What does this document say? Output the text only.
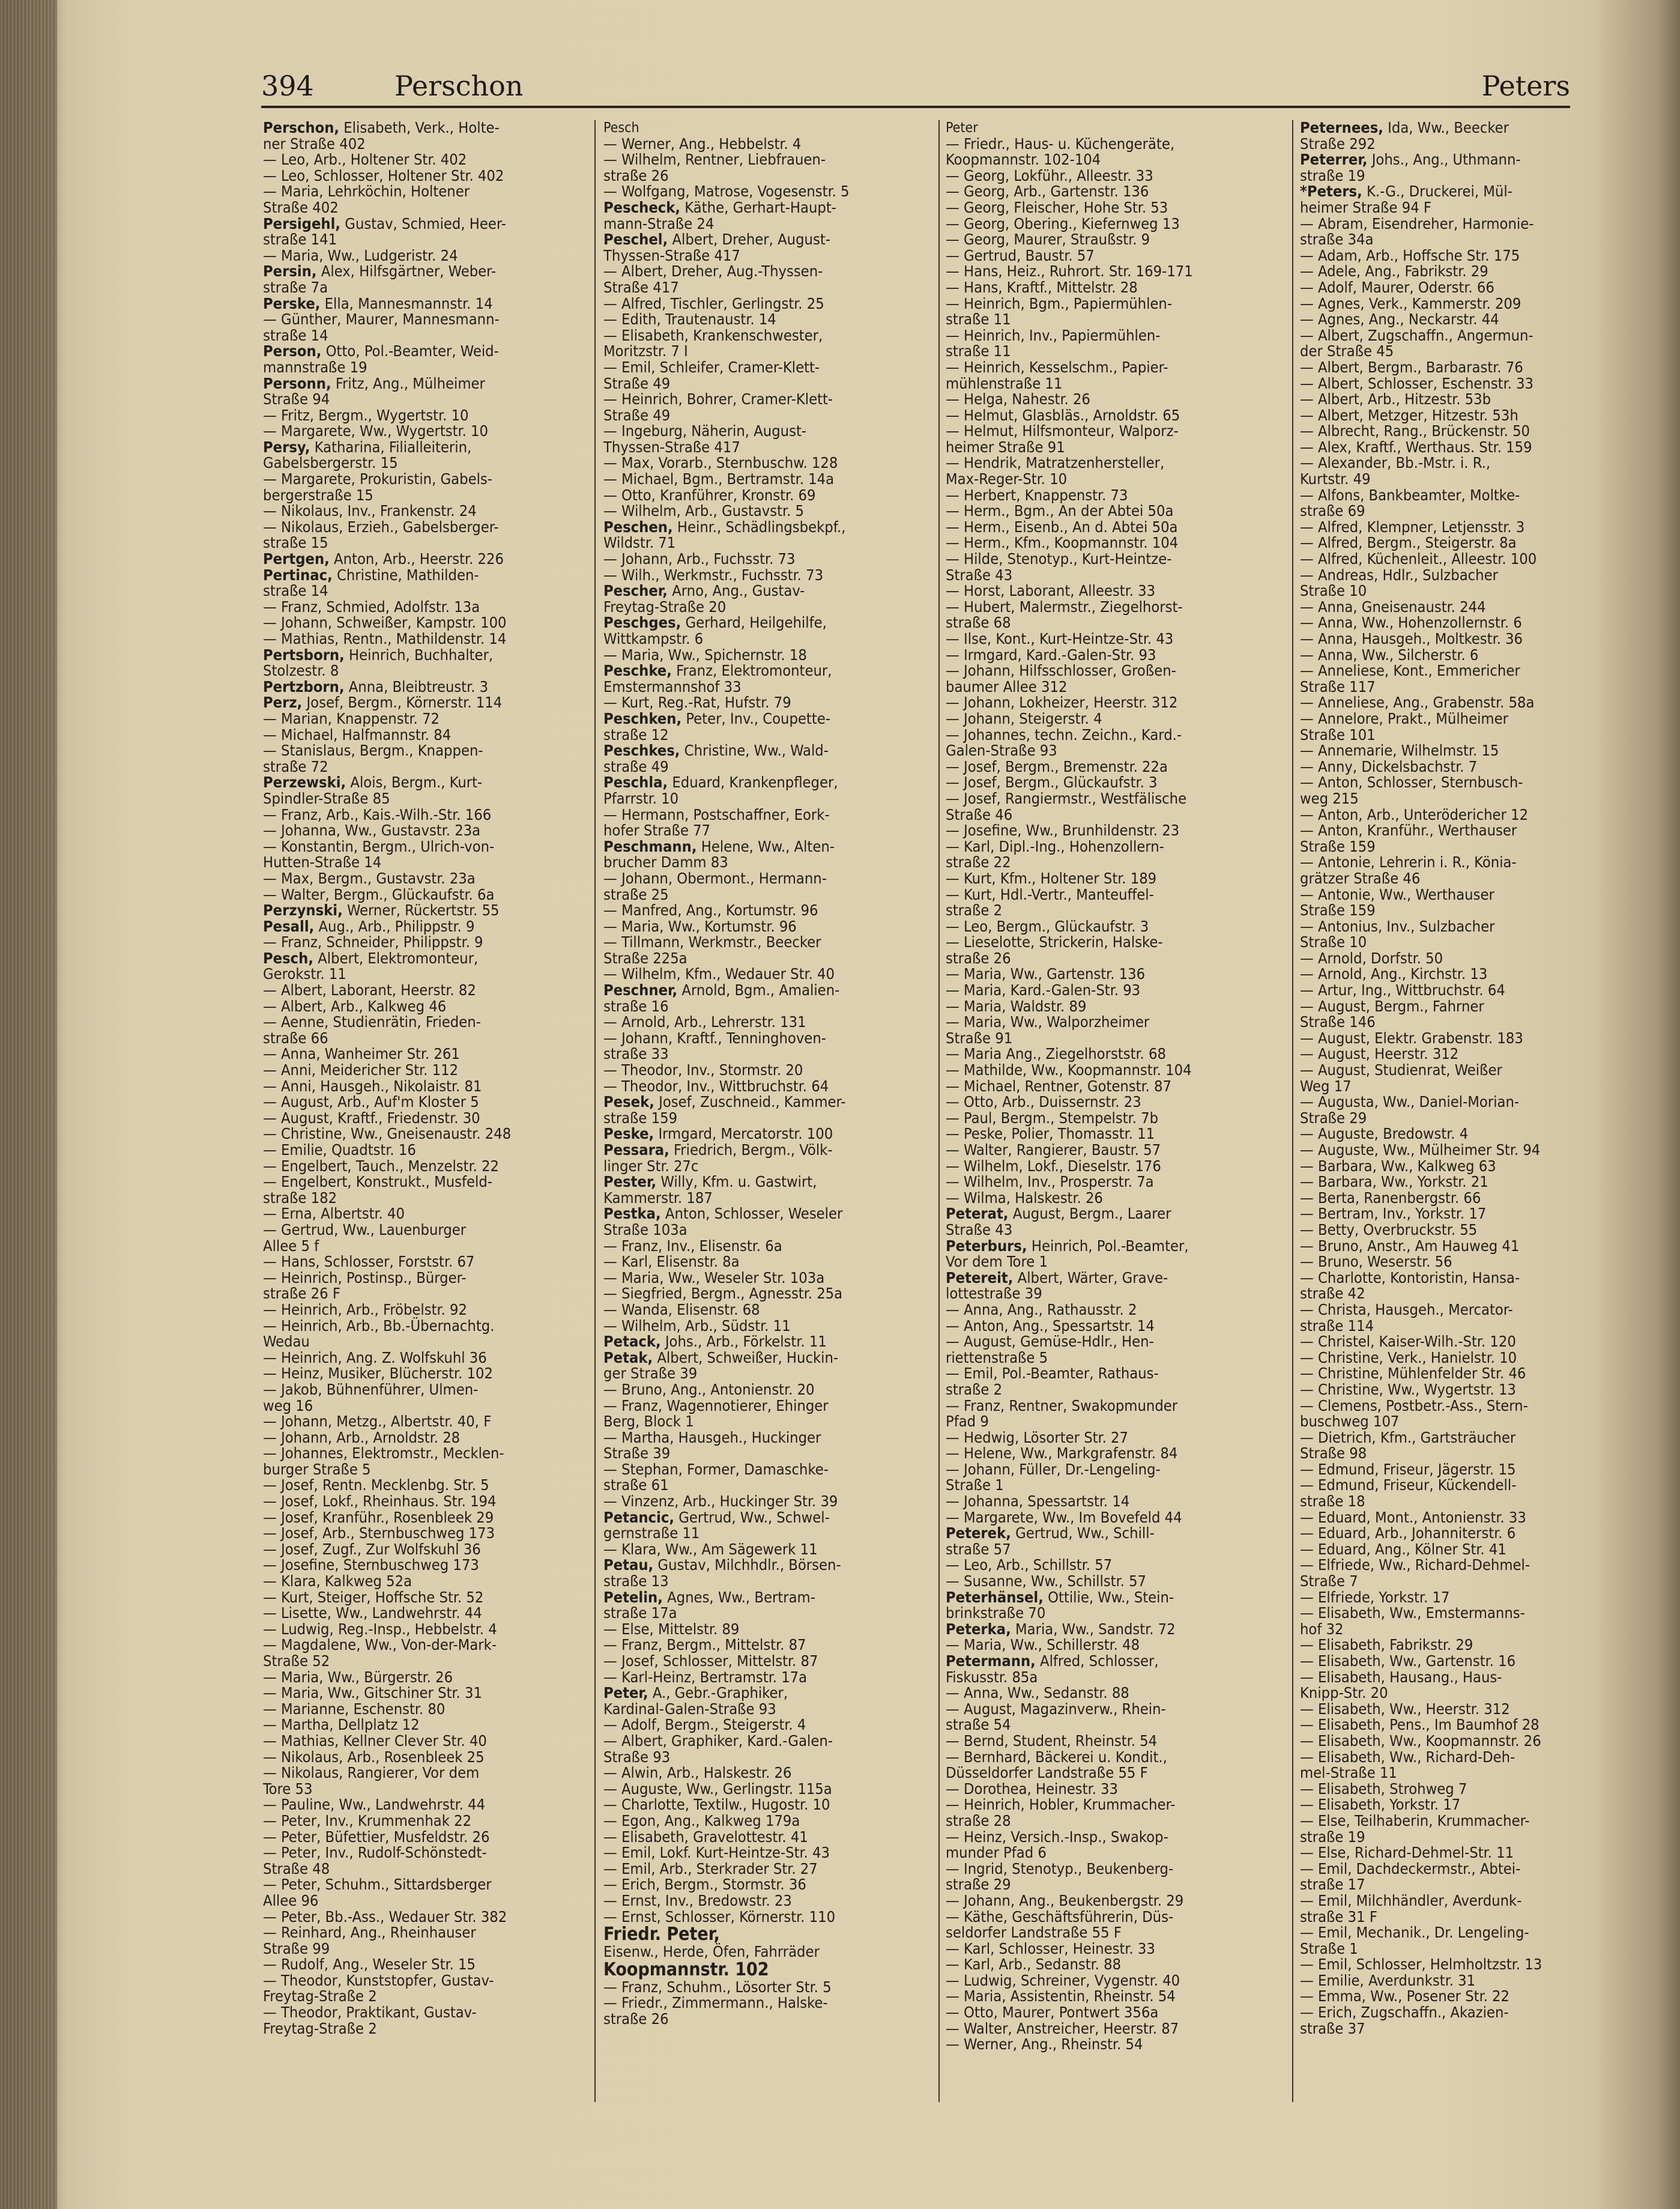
394	Perschon	Peters
Perschon, Elisabeth, Verk., Holte-
ner Straße 402
— Leo, Arb., Holtener Str. 402
— Leo, Schlosser, Holtener Str. 402
— Maria, Lehrköchin, Holtener
Straße 402
Persigehl, Gustav, Schmied, Heer-
straße 141
— Maria, Ww., Ludgeristr. 24
Persin, Alex, Hilfsgärtner, Weber-
straße 7a
Perske, Ella, Mannesmannstr. 14
— Günther, Maurer, Mannesmann-
straße 14
Person, Otto, Pol.-Beamter, Weid-
mannstraße 19
Personn, Fritz, Ang., Mülheimer
Straße 94
— Fritz, Bergm., Wygertstr. 10
— Margarete, Ww., Wygertstr. 10
Persy, Katharina, Filialleiterin,
Gabelsbergerstr. 15
— Margarete, Prokuristin, Gabels-
bergerstraße 15
— Nikolaus, Inv., Frankenstr. 24
— Nikolaus, Erzieh., Gabelsberger-
straße 15
Pertgen, Anton, Arb., Heerstr. 226
Pertinac, Christine, Mathilden-
straße 14
— Franz, Schmied, Adolfstr. 13a
— Johann, Schweißer, Kampstr. 100
— Mathias, Rentn., Mathildenstr. 14
Pertsborn, Heinrich, Buchhalter,
Stolzestr. 8
Pertzborn, Anna, Bleibtreustr. 3
Perz, Josef, Bergm., Körnerstr. 114
— Marian, Knappenstr. 72
— Michael, Halfmannstr. 84
— Stanislaus, Bergm., Knappen-
straße 72
Perzewski, Alois, Bergm., Kurt-
Spindler-Straße 85
— Franz, Arb., Kais.-Wilh.-Str. 166
— Johanna, Ww., Gustavstr. 23a
— Konstantin, Bergm., Ulrich-von-
Hutten-Straße 14
— Max, Bergm., Gustavstr. 23a
— Walter, Bergm., Glückaufstr. 6a
Perzynski, Werner, Rückertstr. 55
Pesall, Aug., Arb., Philippstr. 9
— Franz, Schneider, Philippstr. 9
Pesch, Albert, Elektromonteur,
Gerokstr. 11
— Albert, Laborant, Heerstr. 82
— Albert, Arb., Kalkweg 46
— Aenne, Studienrätin, Frieden-
straße 66
— Anna, Wanheimer Str. 261
— Anni, Meidericher Str. 112
— Anni, Hausgeh., Nikolaistr. 81
— August, Arb., Auf'm Kloster 5
— August, Kraftf., Friedenstr. 30
— Christine, Ww., Gneisenaustr. 248
— Emilie, Quadtstr. 16
— Engelbert, Tauch., Menzelstr. 22
— Engelbert, Konstrukt., Musfeld-
straße 182
— Erna, Albertstr. 40
— Gertrud, Ww., Lauenburger
Allee 5 f
— Hans, Schlosser, Forststr. 67
— Heinrich, Postinsp., Bürger-
straße 26 F
— Heinrich, Arb., Fröbelstr. 92
— Heinrich, Arb., Bb.-Übernachtg.
Wedau
— Heinrich, Ang. Z. Wolfskuhl 36
— Heinz, Musiker, Blücherstr. 102
— Jakob, Bühnenführer, Ulmen-
weg 16
— Johann, Metzg., Albertstr. 40, F
— Johann, Arb., Arnoldstr. 28
— Johannes, Elektromstr., Mecklen-
burger Straße 5
— Josef, Rentn. Mecklenbg. Str. 5
— Josef, Lokf., Rheinhaus. Str. 194
— Josef, Kranführ., Rosenbleek 29
— Josef, Arb., Sternbuschweg 173
— Josef, Zugf., Zur Wolfskuhl 36
— Josefine, Sternbuschweg 173
— Klara, Kalkweg 52a
— Kurt, Steiger, Hoffsche Str. 52
— Lisette, Ww., Landwehrstr. 44
— Ludwig, Reg.-Insp., Hebbelstr. 4
— Magdalene, Ww., Von-der-Mark-
Straße 52
— Maria, Ww., Bürgerstr. 26
— Maria, Ww., Gitschiner Str. 31
— Marianne, Eschenstr. 80
— Martha, Dellplatz 12
— Mathias, Kellner Clever Str. 40
— Nikolaus, Arb., Rosenbleek 25
— Nikolaus, Rangierer, Vor dem
Tore 53
— Pauline, Ww., Landwehrstr. 44
— Peter, Inv., Krummenhak 22
— Peter, Büfettier, Musfeldstr. 26
— Peter, Inv., Rudolf-Schönstedt-
Straße 48
— Peter, Schuhm., Sittardsberger
Allee 96
— Peter, Bb.-Ass., Wedauer Str. 382
— Reinhard, Ang., Rheinhauser
Straße 99
— Rudolf, Ang., Weseler Str. 15
— Theodor, Kunststopfer, Gustav-
Freytag-Straße 2
— Theodor, Praktikant, Gustav-
Freytag-Straße 2
Pesch
— Werner, Ang., Hebbelstr. 4
— Wilhelm, Rentner, Liebfrauen-
straße 26
— Wolfgang, Matrose, Vogesenstr. 5
Pescheck, Käthe, Gerhart-Haupt-
mann-Straße 24
Peschel, Albert, Dreher, August-
Thyssen-Straße 417
— Albert, Dreher, Aug.-Thyssen-
Straße 417
— Alfred, Tischler, Gerlingstr. 25
— Edith, Trautenaustr. 14
— Elisabeth, Krankenschwester,
Moritzstr. 7 I
— Emil, Schleifer, Cramer-Klett-
Straße 49
— Heinrich, Bohrer, Cramer-Klett-
Straße 49
— Ingeburg, Näherin, August-
Thyssen-Straße 417
— Max, Vorarb., Sternbuschw. 128
— Michael, Bgm., Bertramstr. 14a
— Otto, Kranführer, Kronstr. 69
— Wilhelm, Arb., Gustavstr. 5
Peschen, Heinr., Schädlingsbekpf.,
Wildstr. 71
— Johann, Arb., Fuchsstr. 73
— Wilh., Werkmstr., Fuchsstr. 73
Pescher, Arno, Ang., Gustav-
Freytag-Straße 20
Peschges, Gerhard, Heilgehilfe,
Wittkampstr. 6
— Maria, Ww., Spichernstr. 18
Peschke, Franz, Elektromonteur,
Emstermannshof 33
— Kurt, Reg.-Rat, Hufstr. 79
Peschken, Peter, Inv., Coupette-
straße 12
Peschkes, Christine, Ww., Wald-
straße 49
Peschla, Eduard, Krankenpfleger,
Pfarrstr. 10
— Hermann, Postschaffner, Eork-
hofer Straße 77
Peschmann, Helene, Ww., Alten-
brucher Damm 83
— Johann, Obermont., Hermann-
straße 25
— Manfred, Ang., Kortumstr. 96
— Maria, Ww., Kortumstr. 96
— Tillmann, Werkmstr., Beecker
Straße 225a
— Wilhelm, Kfm., Wedauer Str. 40
Peschner, Arnold, Bgm., Amalien-
straße 16
— Arnold, Arb., Lehrerstr. 131
— Johann, Kraftf., Tenninghoven-
straße 33
— Theodor, Inv., Stormstr. 20
— Theodor, Inv., Wittbruchstr. 64
Pesek, Josef, Zuschneid., Kammer-
straße 159
Peske, Irmgard, Mercatorstr. 100
Pessara, Friedrich, Bergm., Völk-
linger Str. 27c
Pester, Willy, Kfm. u. Gastwirt,
Kammerstr. 187
Pestka, Anton, Schlosser, Weseler
Straße 103a
— Franz, Inv., Elisenstr. 6a
— Karl, Elisenstr. 8a
— Maria, Ww., Weseler Str. 103a
— Siegfried, Bergm., Agnesstr. 25a
— Wanda, Elisenstr. 68
— Wilhelm, Arb., Südstr. 11
Petack, Johs., Arb., Förkelstr. 11
Petak, Albert, Schweißer, Huckin-
ger Straße 39
— Bruno, Ang., Antonienstr. 20
— Franz, Wagennotierer, Ehinger
Berg, Block 1
— Martha, Hausgeh., Huckinger
Straße 39
— Stephan, Former, Damaschke-
straße 61
— Vinzenz, Arb., Huckinger Str. 39
Petancic, Gertrud, Ww., Schwel-
gernstraße 11
— Klara, Ww., Am Sägewerk 11
Petau, Gustav, Milchhdlr., Börsen-
straße 13
Petelin, Agnes, Ww., Bertram-
straße 17a
— Else, Mittelstr. 89
— Franz, Bergm., Mittelstr. 87
— Josef, Schlosser, Mittelstr. 87
— Karl-Heinz, Bertramstr. 17a
Peter, A., Gebr.-Graphiker,
Kardinal-Galen-Straße 93
— Adolf, Bergm., Steigerstr. 4
— Albert, Graphiker, Kard.-Galen-
Straße 93
— Alwin, Arb., Halskestr. 26
— Auguste, Ww., Gerlingstr. 115a
— Charlotte, Textilw., Hugostr. 10
— Egon, Ang., Kalkweg 179a
— Elisabeth, Gravelottestr. 41
— Emil, Lokf. Kurt-Heintze-Str. 43
— Emil, Arb., Sterkrader Str. 27
— Erich, Bergm., Stormstr. 36
— Ernst, Inv., Bredowstr. 23
— Ernst, Schlosser, Körnerstr. 110
Friedr. Peter,
Eisenw., Herde, Öfen, Fahrräder
Koopmannstr. 102
— Franz, Schuhm., Lösorter Str. 5
— Friedr., Zimmermann., Halske-
straße 26
Peter
— Friedr., Haus- u. Küchengeräte,
Koopmannstr. 102-104
— Georg, Lokführ., Alleestr. 33
— Georg, Arb., Gartenstr. 136
— Georg, Fleischer, Hohe Str. 53
— Georg, Obering., Kiefernweg 13
— Georg, Maurer, Straußstr. 9
— Gertrud, Baustr. 57
— Hans, Heiz., Ruhrort. Str. 169-171
— Hans, Kraftf., Mittelstr. 28
— Heinrich, Bgm., Papiermühlen-
straße 11
— Heinrich, Inv., Papiermühlen-
straße 11
— Heinrich, Kesselschm., Papier-
mühlenstraße 11
— Helga, Nahestr. 26
— Helmut, Glasbläs., Arnoldstr. 65
— Helmut, Hilfsmonteur, Walporz-
heimer Straße 91
— Hendrik, Matratzenhersteller,
Max-Reger-Str. 10
— Herbert, Knappenstr. 73
— Herm., Bgm., An der Abtei 50a
— Herm., Eisenb., An d. Abtei 50a
— Herm., Kfm., Koopmannstr. 104
— Hilde, Stenotyp., Kurt-Heintze-
Straße 43
— Horst, Laborant, Alleestr. 33
— Hubert, Malermstr., Ziegelhorst-
straße 68
— Ilse, Kont., Kurt-Heintze-Str. 43
— Irmgard, Kard.-Galen-Str. 93
— Johann, Hilfsschlosser, Großen-
baumer Allee 312
— Johann, Lokheizer, Heerstr. 312
— Johann, Steigerstr. 4
— Johannes, techn. Zeichn., Kard.-
Galen-Straße 93
— Josef, Bergm., Bremenstr. 22a
— Josef, Bergm., Glückaufstr. 3
— Josef, Rangiermstr., Westfälische
Straße 46
— Josefine, Ww., Brunhildenstr. 23
— Karl, Dipl.-Ing., Hohenzollern-
straße 22
— Kurt, Kfm., Holtener Str. 189
— Kurt, Hdl.-Vertr., Manteuffel-
straße 2
— Leo, Bergm., Glückaufstr. 3
— Lieselotte, Strickerin, Halske-
straße 26
— Maria, Ww., Gartenstr. 136
— Maria, Kard.-Galen-Str. 93
— Maria, Waldstr. 89
— Maria, Ww., Walporzheimer
Straße 91
— Maria Ang., Ziegelhorststr. 68
— Mathilde, Ww., Koopmannstr. 104
— Michael, Rentner, Gotenstr. 87
— Otto, Arb., Duissernstr. 23
— Paul, Bergm., Stempelstr. 7b
— Peske, Polier, Thomasstr. 11
— Walter, Rangierer, Baustr. 57
— Wilhelm, Lokf., Dieselstr. 176
— Wilhelm, Inv., Prosperstr. 7a
— Wilma, Halskestr. 26
Peterat, August, Bergm., Laarer
Straße 43
Peterburs, Heinrich, Pol.-Beamter,
Vor dem Tore 1
Petereit, Albert, Wärter, Grave-
lottestraße 39
— Anna, Ang., Rathausstr. 2
— Anton, Ang., Spessartstr. 14
— August, Gemüse-Hdlr., Hen-
riettenstraße 5
— Emil, Pol.-Beamter, Rathaus-
straße 2
— Franz, Rentner, Swakopmunder
Pfad 9
— Hedwig, Lösorter Str. 27
— Helene, Ww., Markgrafenstr. 84
— Johann, Füller, Dr.-Lengeling-
Straße 1
— Johanna, Spessartstr. 14
— Margarete, Ww., Im Bovefeld 44
Peterek, Gertrud, Ww., Schill-
straße 57
— Leo, Arb., Schillstr. 57
— Susanne, Ww., Schillstr. 57
Peterhänsel, Ottilie, Ww., Stein-
brinkstraße 70
Peterka, Maria, Ww., Sandstr. 72
— Maria, Ww., Schillerstr. 48
Petermann, Alfred, Schlosser,
Fiskusstr. 85a
— Anna, Ww., Sedanstr. 88
— August, Magazinverw., Rhein-
straße 54
— Bernd, Student, Rheinstr. 54
— Bernhard, Bäckerei u. Kondit.,
Düsseldorfer Landstraße 55 F
— Dorothea, Heinestr. 33
— Heinrich, Hobler, Krummacher-
straße 28
— Heinz, Versich.-Insp., Swakop-
munder Pfad 6
— Ingrid, Stenotyp., Beukenberg-
straße 29
— Johann, Ang., Beukenbergstr. 29
— Käthe, Geschäftsführerin, Düs-
seldorfer Landstraße 55 F
— Karl, Schlosser, Heinestr. 33
— Karl, Arb., Sedanstr. 88
— Ludwig, Schreiner, Vygenstr. 40
— Maria, Assistentin, Rheinstr. 54
— Otto, Maurer, Pontwert 356a
— Walter, Anstreicher, Heerstr. 87
— Werner, Ang., Rheinstr. 54
Peternees, Ida, Ww., Beecker
Straße 292
Peterrer, Johs., Ang., Uthmann-
straße 19
*Peters, K.-G., Druckerei, Mül-
heimer Straße 94 F
— Abram, Eisendreher, Harmonie-
straße 34a
— Adam, Arb., Hoffsche Str. 175
— Adele, Ang., Fabrikstr. 29
— Adolf, Maurer, Oderstr. 66
— Agnes, Verk., Kammerstr. 209
— Agnes, Ang., Neckarstr. 44
— Albert, Zugschaffn., Angermun-
der Straße 45
— Albert, Bergm., Barbarastr. 76
— Albert, Schlosser, Eschenstr. 33
— Albert, Arb., Hitzestr. 53b
— Albert, Metzger, Hitzestr. 53h
— Albrecht, Rang., Brückenstr. 50
— Alex, Kraftf., Werthaus. Str. 159
— Alexander, Bb.-Mstr. i. R.,
Kurtstr. 49
— Alfons, Bankbeamter, Moltke-
straße 69
— Alfred, Klempner, Letjensstr. 3
— Alfred, Bergm., Steigerstr. 8a
— Alfred, Küchenleit., Alleestr. 100
— Andreas, Hdlr., Sulzbacher
Straße 10
— Anna, Gneisenaustr. 244
— Anna, Ww., Hohenzollernstr. 6
— Anna, Hausgeh., Moltkestr. 36
— Anna, Ww., Silcherstr. 6
— Anneliese, Kont., Emmericher
Straße 117
— Anneliese, Ang., Grabenstr. 58a
— Annelore, Prakt., Mülheimer
Straße 101
— Annemarie, Wilhelmstr. 15
— Anny, Dickelsbachstr. 7
— Anton, Schlosser, Sternbusch-
weg 215
— Anton, Arb., Unterödericher 12
— Anton, Kranführ., Werthauser
Straße 159
— Antonie, Lehrerin i. R., Könia-
grätzer Straße 46
— Antonie, Ww., Werthauser
Straße 159
— Antonius, Inv., Sulzbacher
Straße 10
— Arnold, Dorfstr. 50
— Arnold, Ang., Kirchstr. 13
— Artur, Ing., Wittbruchstr. 64
— August, Bergm., Fahrner
Straße 146
— August, Elektr. Grabenstr. 183
— August, Heerstr. 312
— August, Studienrat, Weißer
Weg 17
— Augusta, Ww., Daniel-Morian-
Straße 29
— Auguste, Bredowstr. 4
— Auguste, Ww., Mülheimer Str. 94
— Barbara, Ww., Kalkweg 63
— Barbara, Ww., Yorkstr. 21
— Berta, Ranenbergstr. 66
— Bertram, Inv., Yorkstr. 17
— Betty, Overbruckstr. 55
— Bruno, Anstr., Am Hauweg 41
— Bruno, Weserstr. 56
— Charlotte, Kontoristin, Hansa-
straße 42
— Christa, Hausgeh., Mercator-
straße 114
— Christel, Kaiser-Wilh.-Str. 120
— Christine, Verk., Hanielstr. 10
— Christine, Mühlenfelder Str. 46
— Christine, Ww., Wygertstr. 13
— Clemens, Postbetr.-Ass., Stern-
buschweg 107
— Dietrich, Kfm., Gartsträucher
Straße 98
— Edmund, Friseur, Jägerstr. 15
— Edmund, Friseur, Kückendell-
straße 18
— Eduard, Mont., Antonienstr. 33
— Eduard, Arb., Johanniterstr. 6
— Eduard, Ang., Kölner Str. 41
— Elfriede, Ww., Richard-Dehmel-
Straße 7
— Elfriede, Yorkstr. 17
— Elisabeth, Ww., Emstermanns-
hof 32
— Elisabeth, Fabrikstr. 29
— Elisabeth, Ww., Gartenstr. 16
— Elisabeth, Hausang., Haus-
Knipp-Str. 20
— Elisabeth, Ww., Heerstr. 312
— Elisabeth, Pens., Im Baumhof 28
— Elisabeth, Ww., Koopmannstr. 26
— Elisabeth, Ww., Richard-Deh-
mel-Straße 11
— Elisabeth, Strohweg 7
— Elisabeth, Yorkstr. 17
— Else, Teilhaberin, Krummacher-
straße 19
— Else, Richard-Dehmel-Str. 11
— Emil, Dachdeckermstr., Abtei-
straße 17
— Emil, Milchhändler, Averdunk-
straße 31 F
— Emil, Mechanik., Dr. Lengeling-
Straße 1
— Emil, Schlosser, Helmholtzstr. 13
— Emilie, Averdunkstr. 31
— Emma, Ww., Posener Str. 22
— Erich, Zugschaffn., Akazien-
straße 37
